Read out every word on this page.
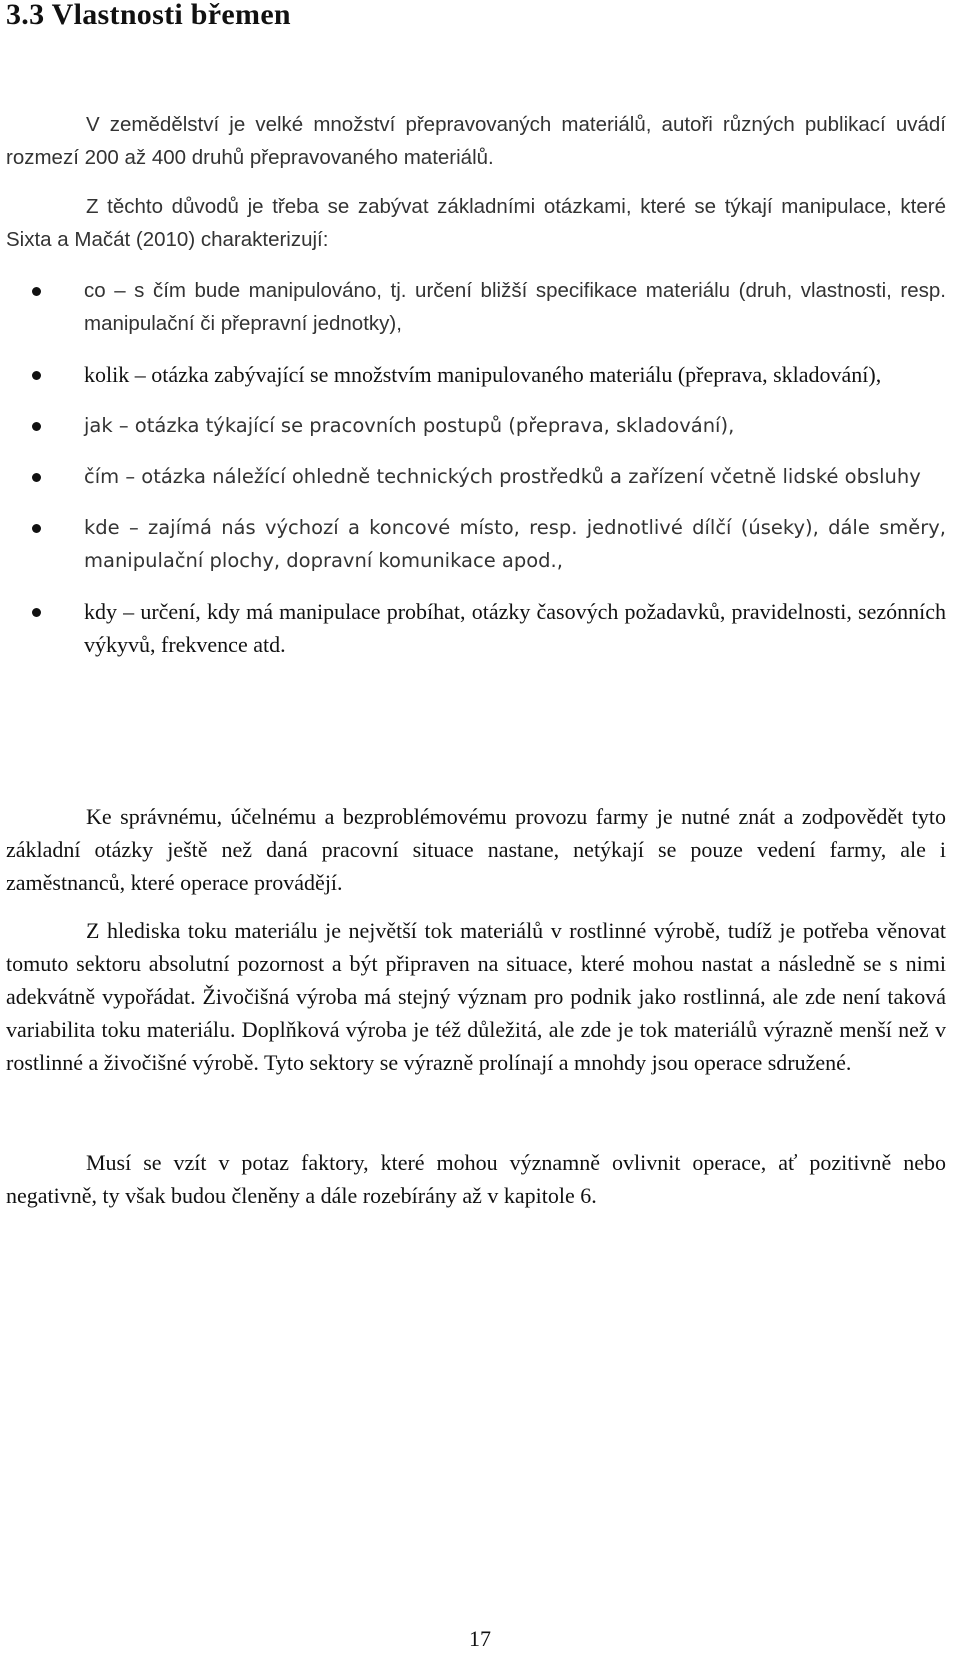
3.3 Vlastnosti břemen

V zemědělství je velké množství přepravovaných materiálů, autoři různých publikací uvádí rozmezí 200 až 400 druhů přepravovaného materiálů.

Z těchto důvodů je třeba se zabývat základními otázkami, které se týkají manipulace, které Sixta a Mačát (2010) charakterizují:

co – s čím bude manipulováno, tj. určení bližší specifikace materiálu (druh, vlastnosti, resp. manipulační či přepravní jednotky),
kolik – otázka zabývající se množstvím manipulovaného materiálu (přeprava, skladování),
jak – otázka týkající se pracovních postupů (přeprava, skladování),
čím – otázka náležící ohledně technických prostředků a zařízení včetně lidské obsluhy
kde – zajímá nás výchozí a koncové místo, resp. jednotlivé dílčí (úseky), dále směry, manipulační plochy, dopravní komunikace apod.,
kdy – určení, kdy má manipulace probíhat, otázky časových požadavků, pravidelnosti, sezónních výkyvů, frekvence atd.

Ke správnému, účelnému a bezproblémovému provozu farmy je nutné znát a zodpovědět tyto základní otázky ještě než daná pracovní situace nastane, netýkají se pouze vedení farmy, ale i zaměstnanců, které operace provádějí.

Z hlediska toku materiálu je největší tok materiálů v rostlinné výrobě, tudíž je potřeba věnovat tomuto sektoru absolutní pozornost a být připraven na situace, které mohou nastat a následně se s nimi adekvátně vypořádat. Živočišná výroba má stejný význam pro podnik jako rostlinná, ale zde není taková variabilita toku materiálu. Doplňková výroba je též důležitá, ale zde je tok materiálů výrazně menší než v rostlinné a živočišné výrobě. Tyto sektory se výrazně prolínají a mnohdy jsou operace sdružené.

Musí se vzít v potaz faktory, které mohou významně ovlivnit operace, ať pozitivně nebo negativně, ty však budou členěny a dále rozebírány až v kapitole 6.

17
